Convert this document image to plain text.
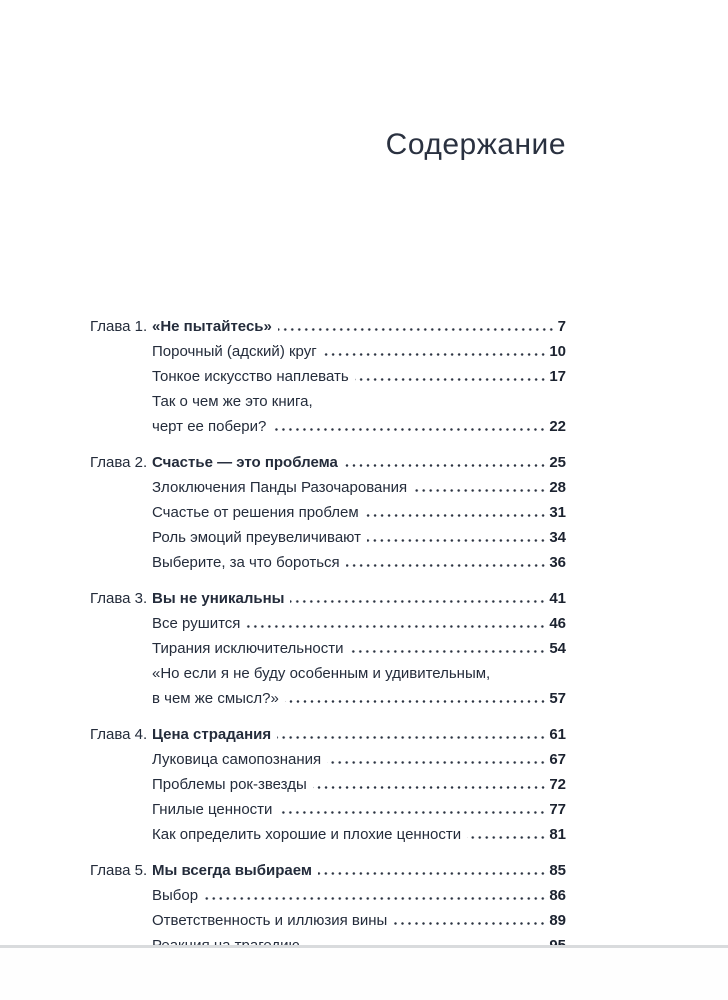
Содержание
Глава 1. «Не пытайтесь»	7
Порочный (адский) круг	10
Тонкое искусство наплевать	17
Так о чем же это книга,
черт ее побери?	22
Глава 2. Счастье — это проблема	25
Злоключения Панды Разочарования	28
Счастье от решения проблем	31
Роль эмоций преувеличивают	34
Выберите, за что бороться	36
Глава 3. Вы не уникальны	41
Все рушится	46
Тирания исключительности	54
«Но если я не буду особенным и удивительным,
в чем же смысл?»	57
Глава 4. Цена страдания	61
Луковица самопознания	67
Проблемы рок-звезды	72
Гнилые ценности	77
Как определить хорошие и плохие ценности	81
Глава 5. Мы всегда выбираем	85
Выбор	86
Ответственность и иллюзия вины	89
